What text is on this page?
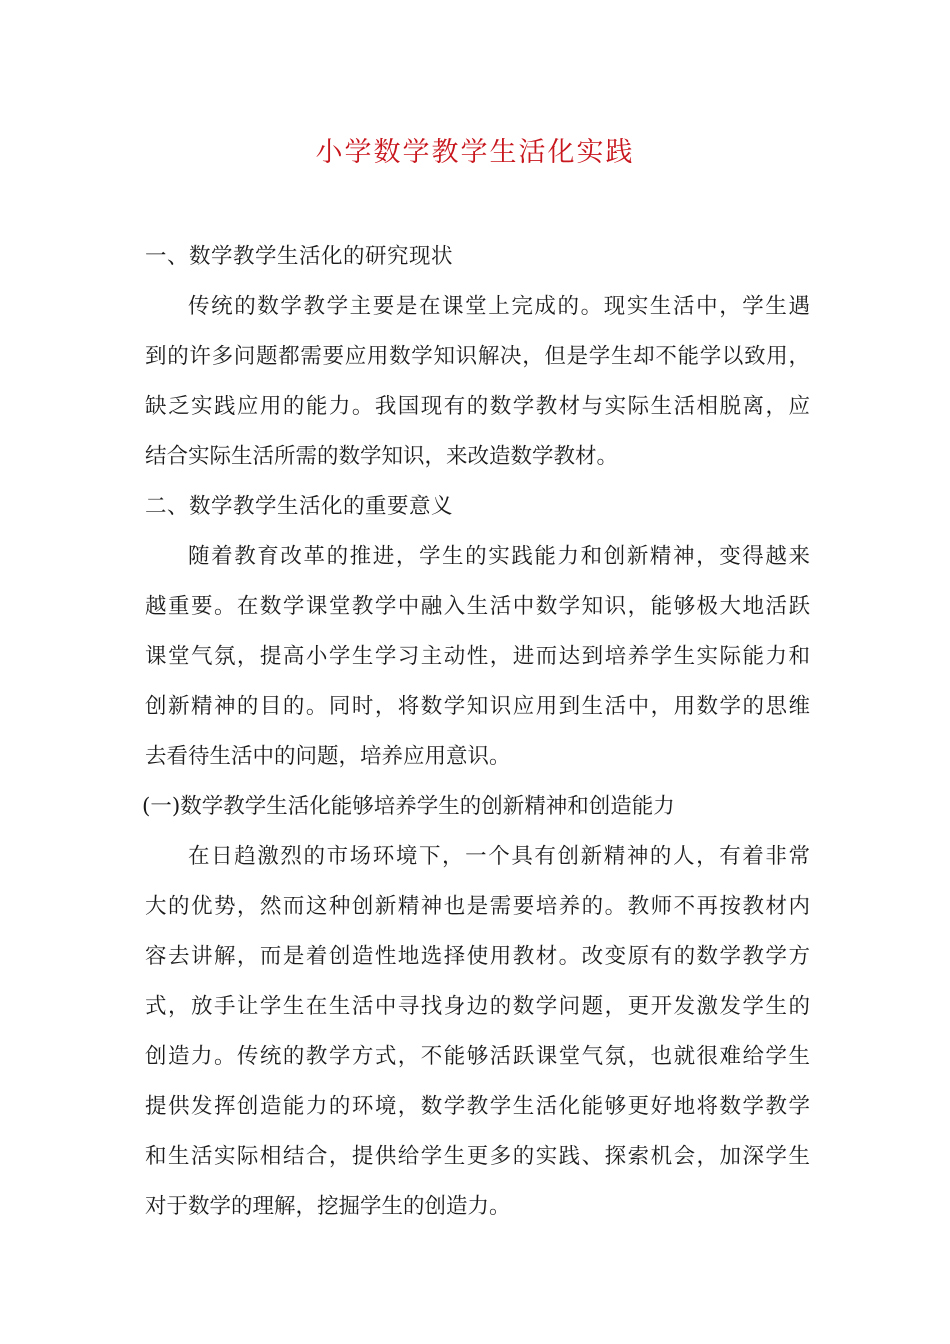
小学数学教学生活化实践
一、数学教学生活化的研究现状
传统的数学教学主要是在课堂上完成的。现实生活中，学生遇
到的许多问题都需要应用数学知识解决，但是学生却不能学以致用，
缺乏实践应用的能力。我国现有的数学教材与实际生活相脱离，应
结合实际生活所需的数学知识，来改造数学教材。
二、数学教学生活化的重要意义
随着教育改革的推进，学生的实践能力和创新精神，变得越来
越重要。在数学课堂教学中融入生活中数学知识，能够极大地活跃
课堂气氛，提高小学生学习主动性，进而达到培养学生实际能力和
创新精神的目的。同时，将数学知识应用到生活中，用数学的思维
去看待生活中的问题，培养应用意识。
(一)数学教学生活化能够培养学生的创新精神和创造能力
在日趋激烈的市场环境下，一个具有创新精神的人，有着非常
大的优势，然而这种创新精神也是需要培养的。教师不再按教材内
容去讲解，而是着创造性地选择使用教材。改变原有的数学教学方
式，放手让学生在生活中寻找身边的数学问题，更开发激发学生的
创造力。传统的教学方式，不能够活跃课堂气氛，也就很难给学生
提供发挥创造能力的环境，数学教学生活化能够更好地将数学教学
和生活实际相结合，提供给学生更多的实践、探索机会，加深学生
对于数学的理解，挖掘学生的创造力。
